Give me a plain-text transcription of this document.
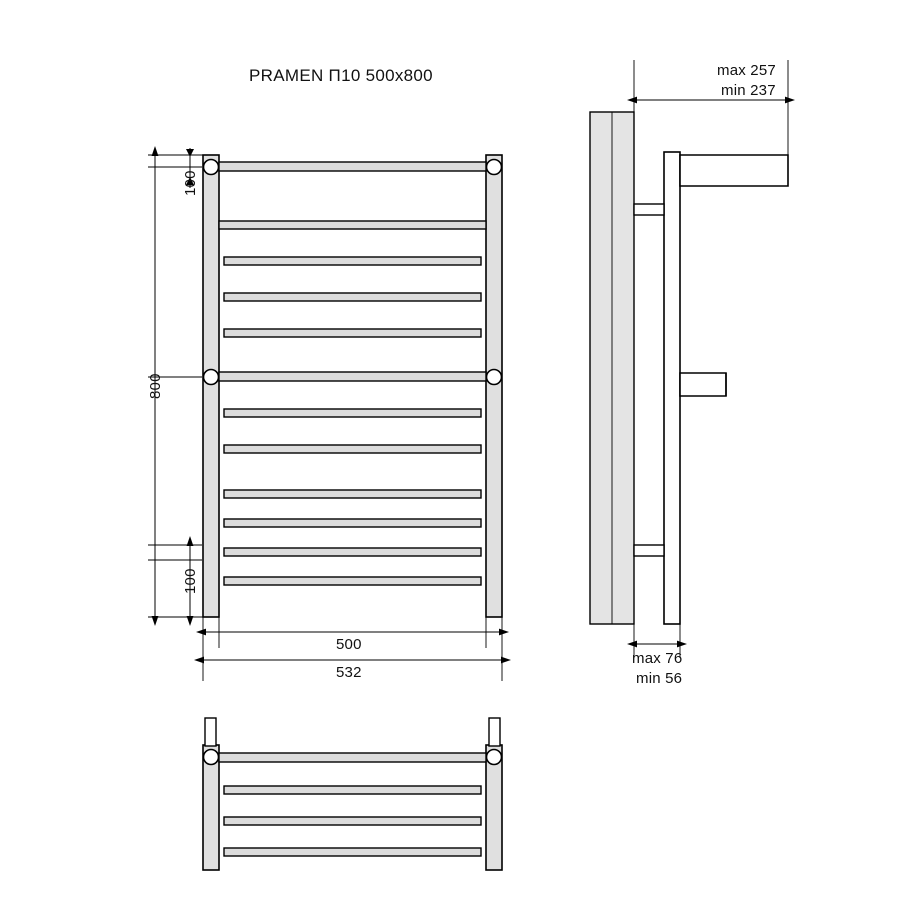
PRAMEN П10 500x800
100
800
100
500
532
max 257
min 237
max 76
min 56
